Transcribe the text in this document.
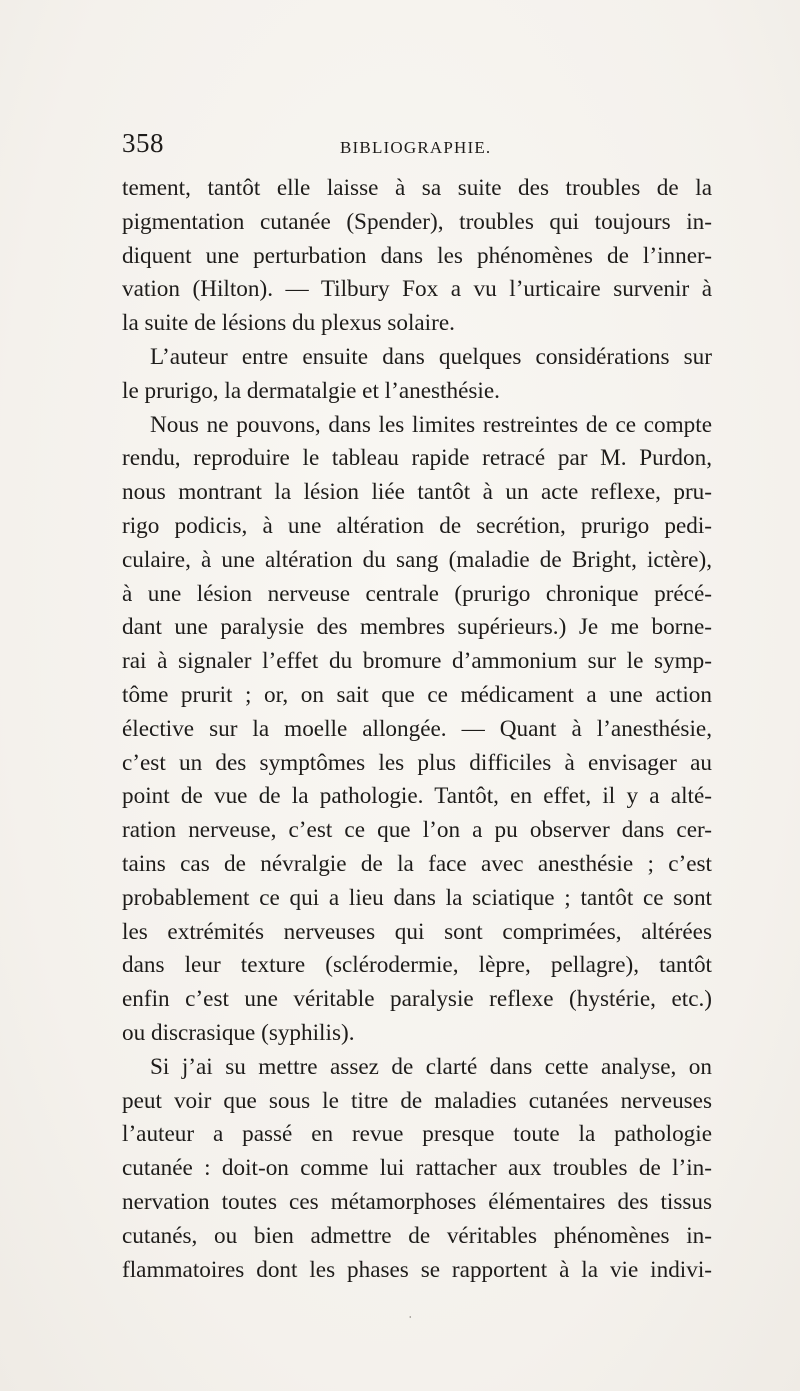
358	BIBLIOGRAPHIE.
tement, tantôt elle laisse à sa suite des troubles de la
pigmentation cutanée (Spender), troubles qui toujours in-
diquent une perturbation dans les phénomènes de l’inner-
vation (Hilton). — Tilbury Fox a vu l’urticaire survenir à
la suite de lésions du plexus solaire.
L’auteur entre ensuite dans quelques considérations sur
le prurigo, la dermatalgie et l’anesthésie.
Nous ne pouvons, dans les limites restreintes de ce compte
rendu, reproduire le tableau rapide retracé par M. Purdon,
nous montrant la lésion liée tantôt à un acte reflexe, pru-
rigo podicis, à une altération de secrétion, prurigo pedi-
culaire, à une altération du sang (maladie de Bright, ictère),
à une lésion nerveuse centrale (prurigo chronique précé-
dant une paralysie des membres supérieurs.) Je me borne-
rai à signaler l’effet du bromure d’ammonium sur le symp-
tôme prurit ; or, on sait que ce médicament a une action
élective sur la moelle allongée. — Quant à l’anesthésie,
c’est un des symptômes les plus difficiles à envisager au
point de vue de la pathologie. Tantôt, en effet, il y a alté-
ration nerveuse, c’est ce que l’on a pu observer dans cer-
tains cas de névralgie de la face avec anesthésie ; c’est
probablement ce qui a lieu dans la sciatique ; tantôt ce sont
les extrémités nerveuses qui sont comprimées, altérées
dans leur texture (sclérodermie, lèpre, pellagre), tantôt
enfin c’est une véritable paralysie reflexe (hystérie, etc.)
ou discrasique (syphilis).
Si j’ai su mettre assez de clarté dans cette analyse, on
peut voir que sous le titre de maladies cutanées nerveuses
l’auteur a passé en revue presque toute la pathologie
cutanée : doit-on comme lui rattacher aux troubles de l’in-
nervation toutes ces métamorphoses élémentaires des tissus
cutanés, ou bien admettre de véritables phénomènes in-
flammatoires dont les phases se rapportent à la vie indivi-
ˌ
